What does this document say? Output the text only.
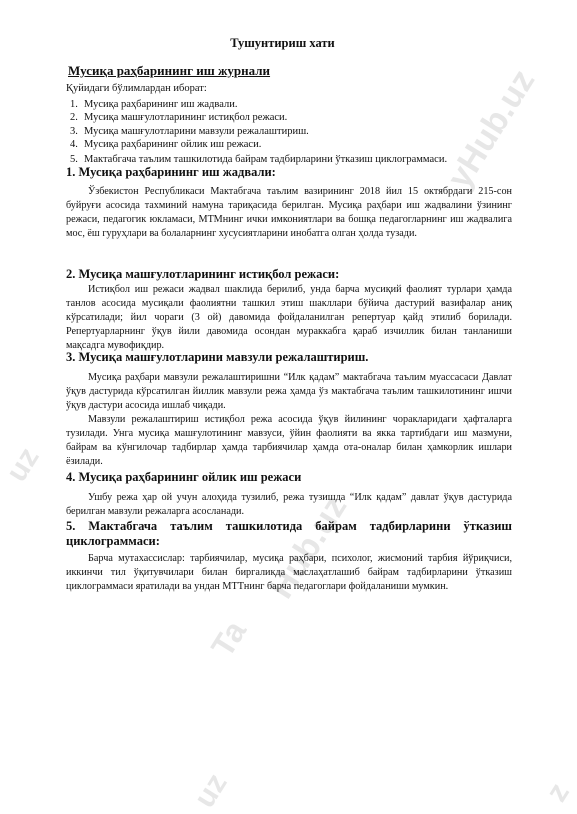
yHub.uz
Hub.uz
Ta
uz
uz	z
Тушунтириш хати
Мусиқа раҳбарининг иш журнали
Қуйидаги бўлимлардан иборат:
1. Мусиқа раҳбарининг иш жадвали.
2. Мусиқа машғулотларининг истиқбол режаси.
3. Мусиқа машғулотларини мавзули режалаштириш.
4. Мусиқа раҳбарининг ойлик иш режаси.
5. Мактабгача таълим ташкилотида байрам тадбирларини ўтказиш циклограммаси.
1. Мусиқа раҳбарининг иш жадвали:

Ўзбекистон Республикаси Мактабгача таълим вазирининг 2018 йил 15 октябрдаги 215-сон буйруғи асосида тахминий намуна тариқасида берилган. Мусиқа раҳбари иш жадвалини ўзининг режаси, педагогик юкламаси, МТМнинг ички имкониятлари ва бошқа педагогларнинг иш жадвалига мос, ёш гуруҳлари ва болаларнинг хусусиятларини инобатга олган ҳолда тузади.

2. Мусиқа машғулотларининг истиқбол режаси:

Истиқбол иш режаси жадвал шаклида берилиб, унда барча мусиқий фаолият турлари ҳамда танлов асосида мусиқали фаолиятни ташкил этиш шакллари бўйича дастурий вазифалар аниқ кўрсатилади; йил чораги (3 ой) давомида фойдаланилган репертуар қайд этилиб борилади. Репертуарларнинг ўқув йили давомида осондан мураккабга қараб изчиллик билан танланиши мақсадга мувофиқдир.

3. Мусиқа машғулотларини мавзули режалаштириш.

Мусиқа раҳбари мавзули режалаштиришни “Илк қадам” мактабгача таълим муассасаси Давлат ўқув дастурида кўрсатилган йиллик мавзули режа ҳамда ўз мактабгача таълим ташкилотининг ишчи ўқув дастури асосида ишлаб чиқади.

Мавзули режалаштириш истиқбол режа асосида ўқув йилининг чоракларидаги ҳафталарга тузилади. Унга мусиқа машғулотининг мавзуси, ўйин фаолияти ва якка тартибдаги иш мазмуни, байрам ва кўнгилочар тадбирлар ҳамда тарбиячилар ҳамда ота-оналар билан ҳамкорлик ишлари ёзилади.

4. Мусиқа раҳбарининг ойлик иш режаси

Ушбу режа ҳар ой учун алоҳида тузилиб, режа тузишда “Илк қадам” давлат ўқув дастурида берилган мавзули режаларга асосланади.

5. Мактабгача таълим ташкилотида байрам тадбирларини ўтказиш циклограммаси:

Барча мутахассислар: тарбиячилар, мусиқа раҳбари, психолог, жисмоний тарбия йўриқчиси, иккинчи тил ўқитувчилари билан биргаликда маслаҳатлашиб байрам тадбирларини ўтказиш циклограммаси яратилади ва ундан МТТнинг барча педагоглари фойдаланиши мумкин.
